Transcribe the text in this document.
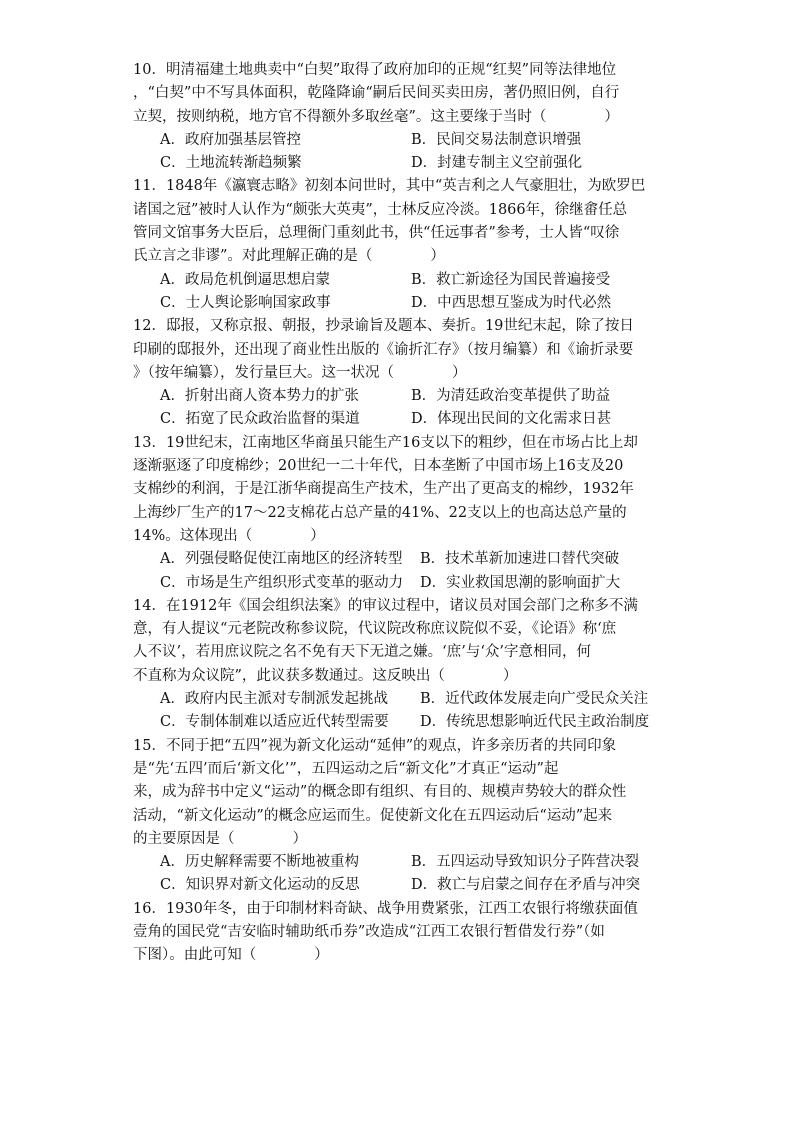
10．明清福建土地典卖中“白契”取得了政府加印的正规“红契”同等法律地位
，“白契”中不写具体面积，乾隆降谕“嗣后民间买卖田房，著仍照旧例，自行
立契，按则纳税，地方官不得额外多取丝毫”。这主要缘于当时（　　　　）
A．政府加强基层管控	B．民间交易法制意识增强
C．土地流转渐趋频繁	D．封建专制主义空前强化
11．1848年《瀛寰志略》初刻本问世时，其中“英吉利之人气豪胆壮，为欧罗巴
诸国之冠”被时人认作为“颇张大英夷”，士林反应冷淡。1866年，徐继畬任总
管同文馆事务大臣后，总理衙门重刻此书，供“任远事者”参考，士人皆“叹徐
氏立言之非谬”。对此理解正确的是（　　　　）
A．政局危机倒逼思想启蒙	B．救亡新途径为国民普遍接受
C．士人舆论影响国家政事	D．中西思想互鉴成为时代必然
12．邸报，又称京报、朝报，抄录谕旨及题本、奏折。19世纪末起，除了按日
印刷的邸报外，还出现了商业性出版的《谕折汇存》（按月编纂）和《谕折录要
》（按年编纂），发行量巨大。这一状况（　　　　）
A．折射出商人资本势力的扩张	B．为清廷政治变革提供了助益
C．拓宽了民众政治监督的渠道	D．体现出民间的文化需求日甚
13．19世纪末，江南地区华商虽只能生产16支以下的粗纱，但在市场占比上却
逐渐驱逐了印度棉纱；20世纪一二十年代，日本垄断了中国市场上16支及20
支棉纱的利润，于是江浙华商提高生产技术，生产出了更高支的棉纱，1932年
上海纱厂生产的17～22支棉花占总产量的41%、22支以上的也高达总产量的
14%。这体现出（　　　　）
A．列强侵略促使江南地区的经济转型	B．技术革新加速进口替代突破
C．市场是生产组织形式变革的驱动力	D．实业救国思潮的影响面扩大
14．在1912年《国会组织法案》的审议过程中，诸议员对国会部门之称多不满
意，有人提议“元老院改称参议院，代议院改称庶议院似不妥，《论语》称‘庶
人不议’，若用庶议院之名不免有天下无道之嫌。‘庶’与‘众’字意相同，何
不直称为众议院”，此议获多数通过。这反映出（　　　　）
A．政府内民主派对专制派发起挑战	B．近代政体发展走向广受民众关注
C．专制体制难以适应近代转型需要	D．传统思想影响近代民主政治制度
15．不同于把“五四”视为新文化运动“延伸”的观点，许多亲历者的共同印象
是“先‘五四’而后‘新文化’”，五四运动之后“新文化”才真正“运动”起
来，成为辞书中定义“运动”的概念即有组织、有目的、规模声势较大的群众性
活动，“新文化运动”的概念应运而生。促使新文化在五四运动后“运动”起来
的主要原因是（　　　　）
A．历史解释需要不断地被重构	B．五四运动导致知识分子阵营决裂
C．知识界对新文化运动的反思	D．救亡与启蒙之间存在矛盾与冲突
16．1930年冬，由于印制材料奇缺、战争用费紧张，江西工农银行将缴获面值
壹角的国民党“吉安临时辅助纸币券”改造成“江西工农银行暂借发行券”（如
下图）。由此可知（　　　　）
